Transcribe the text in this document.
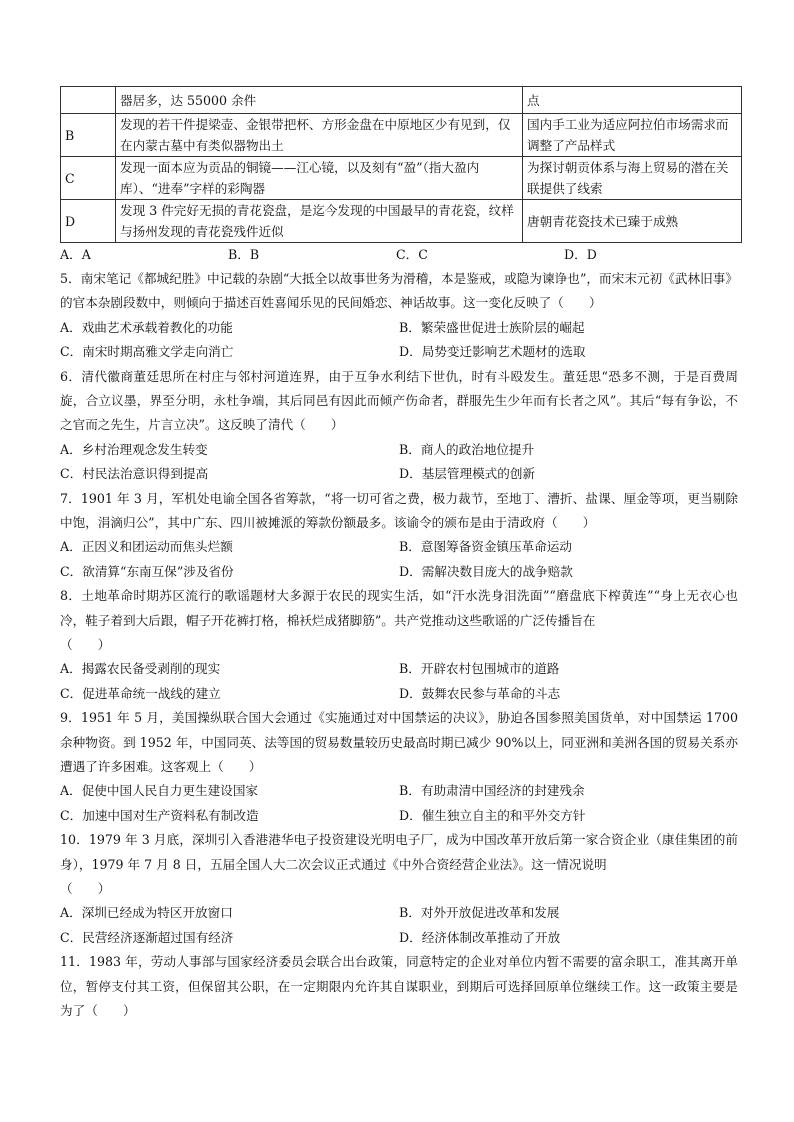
	器居多，达 55000 余件	点
B	发现的若干件提梁壶、金银带把杯、方形金盘在中原地区少有见到，仅在内蒙古墓中有类似器物出土	国内手工业为适应阿拉伯市场需求而调整了产品样式
C	发现一面本应为贡品的铜镜——江心镜，以及刻有“盈”（指大盈内库）、“进奉”字样的彩陶器	为探讨朝贡体系与海上贸易的潜在关联提供了线索
D	发现 3 件完好无损的青花瓷盘，是迄今发现的中国最早的青花瓷，纹样与扬州发现的青花瓷残件近似	唐朝青花瓷技术已臻于成熟
A．A	B．B	C．C	D．D

5．南宋笔记《都城纪胜》中记载的杂剧“大抵全以故事世务为滑稽，本是鉴戒，或隐为谏诤也”，而宋末元初《武林旧事》的官本杂剧段数中，则倾向于描述百姓喜闻乐见的民间婚恋、神话故事。这一变化反映了（　　）

A．戏曲艺术承载着教化的功能	B．繁荣盛世促进士族阶层的崛起
C．南宋时期高雅文学走向消亡	D．局势变迁影响艺术题材的选取

6．清代徽商董廷思所在村庄与邻村河道连界，由于互争水利结下世仇，时有斗殴发生。董廷思“恐多不测，于是百费周旋，合立议墨，界至分明，永杜争端，其后同邑有因此而倾产伤命者，群服先生少年而有长者之风”。其后“每有争讼，不之官而之先生，片言立决”。这反映了清代（　　）

A．乡村治理观念发生转变	B．商人的政治地位提升
C．村民法治意识得到提高	D．基层管理模式的创新

7．1901 年 3 月，军机处电谕全国各省筹款，“将一切可省之费，极力裁节，至地丁、漕折、盐课、厘金等项，更当剔除中饱，涓滴归公”，其中广东、四川被摊派的筹款份额最多。该谕令的颁布是由于清政府（　　）

A．正因义和团运动而焦头烂额	B．意图筹备资金镇压革命运动
C．欲清算“东南互保”涉及省份	D．需解决数目庞大的战争赔款

8．土地革命时期苏区流行的歌谣题材大多源于农民的现实生活，如“汗水洗身泪洗面”“磨盘底下榨黄连”“身上无衣心也冷，鞋子着到大后跟，帽子开花裤打格，棉袄烂成猪脚筋”。共产党推动这些歌谣的广泛传播旨在

（　　）

A．揭露农民备受剥削的现实	B．开辟农村包围城市的道路
C．促进革命统一战线的建立	D．鼓舞农民参与革命的斗志

9．1951 年 5 月，美国操纵联合国大会通过《实施通过对中国禁运的决议》，胁迫各国参照美国货单，对中国禁运 1700 余种物资。到 1952 年，中国同英、法等国的贸易数量较历史最高时期已减少 90%以上，同亚洲和美洲各国的贸易关系亦遭遇了许多困难。这客观上（　　）

A．促使中国人民自力更生建设国家	B．有助肃清中国经济的封建残余
C．加速中国对生产资料私有制改造	D．催生独立自主的和平外交方针

10．1979 年 3 月底，深圳引入香港港华电子投资建设光明电子厂，成为中国改革开放后第一家合资企业（康佳集团的前身），1979 年 7 月 8 日，五届全国人大二次会议正式通过《中外合资经营企业法》。这一情况说明

（　　）

A．深圳已经成为特区开放窗口	B．对外开放促进改革和发展
C．民营经济逐渐超过国有经济	D．经济体制改革推动了开放

11．1983 年，劳动人事部与国家经济委员会联合出台政策，同意特定的企业对单位内暂不需要的富余职工，准其离开单位，暂停支付其工资，但保留其公职，在一定期限内允许其自谋职业，到期后可选择回原单位继续工作。这一政策主要是为了（　　）
